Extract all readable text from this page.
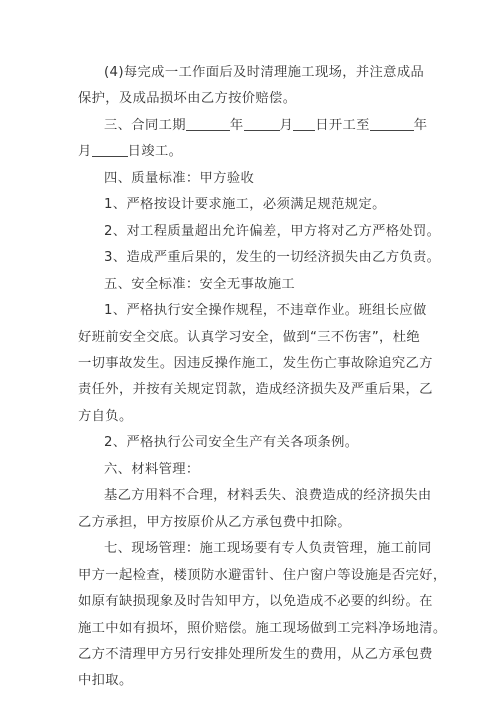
(4)每完成一工作面后及时清理施工现场，并注意成品
保护，及成品损坏由乙方按价赔偿。
三、合同工期	年	月 日开工至	年
月	日竣工。
四、质量标准：甲方验收
1、严格按设计要求施工，必须满足规范规定。
2、对工程质量超出允许偏差，甲方将对乙方严格处罚。
3、造成严重后果的，发生的一切经济损失由乙方负责。
五、安全标准：安全无事故施工
1、严格执行安全操作规程，不违章作业。班组长应做
好班前安全交底。认真学习安全，做到“三不伤害”，杜绝
一切事故发生。因违反操作施工，发生伤亡事故除追究乙方
责任外，并按有关规定罚款，造成经济损失及严重后果，乙
方自负。
2、严格执行公司安全生产有关各项条例。
六、材料管理：
基乙方用料不合理，材料丢失、浪费造成的经济损失由
乙方承担，甲方按原价从乙方承包费中扣除。
七、现场管理：施工现场要有专人负责管理，施工前同
甲方一起检查，楼顶防水避雷针、住户窗户等设施是否完好，
如原有缺损现象及时告知甲方，以免造成不必要的纠纷。在
施工中如有损坏，照价赔偿。施工现场做到工完料净场地清。
乙方不清理甲方另行安排处理所发生的费用，从乙方承包费
中扣取。
